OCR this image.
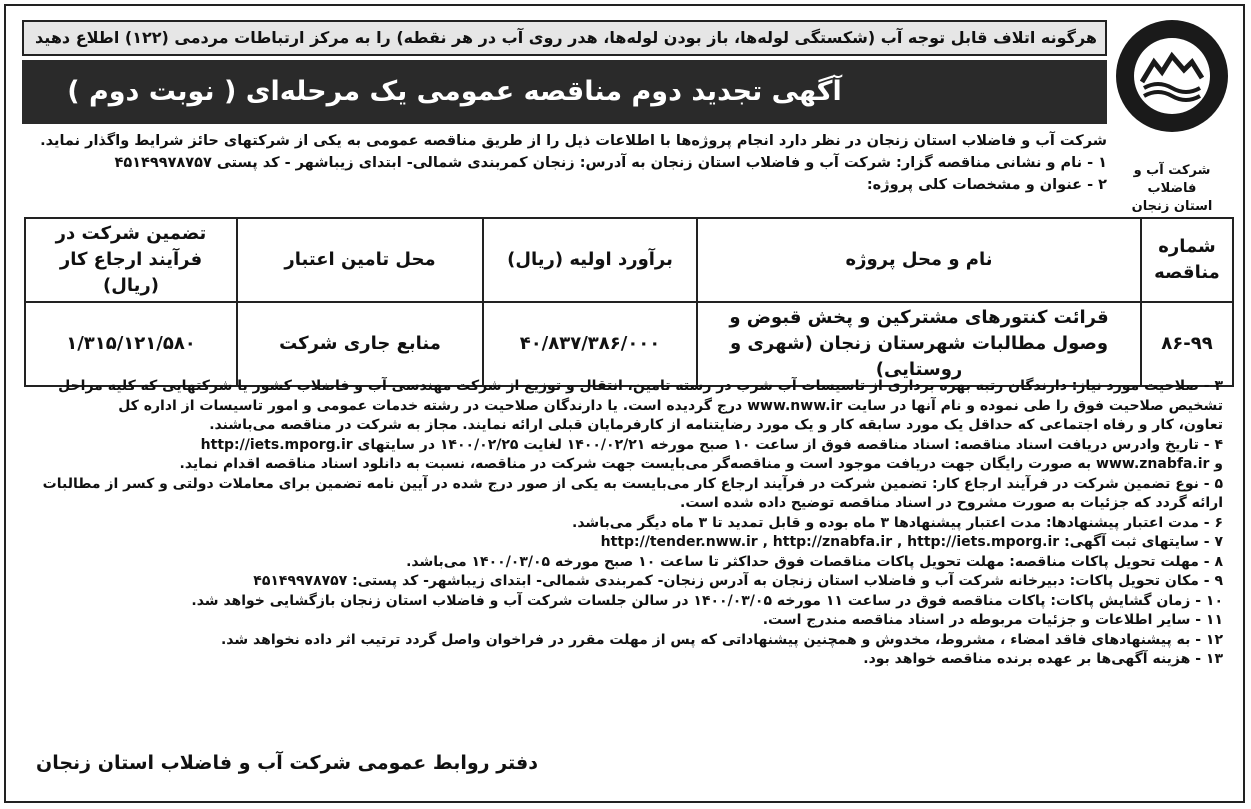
شرکت آب و فاضلاب
استان زنجان
هرگونه اتلاف قابل توجه آب (شکستگی لوله‌ها، باز بودن لوله‌ها، هدر روی آب در هر نقطه) را به مرکز ارتباطات مردمی (۱۲۲) اطلاع دهید
آگهی تجدید دوم مناقصه عمومی یک مرحله‌ای ( نوبت دوم )
شرکت آب و فاضلاب استان زنجان در نظر دارد انجام پروژه‌ها با اطلاعات ذیل را از طریق مناقصه عمومی به یکی از شرکتهای حائز شرایط واگذار نماید.
۱ - نام و نشانی مناقصه گزار: شرکت آب و فاضلاب استان زنجان به آدرس: زنجان کمربندی شمالی- ابتدای زیباشهر - کد پستی ۴۵۱۴۹۹۷۸۷۵۷
۲ - عنوان و مشخصات کلی پروژه:
شماره مناقصه	نام و محل پروژه	برآورد اولیه (ریال)	محل تامین اعتبار	تضمین شرکت در فرآیند ارجاع کار (ریال)
۸۶-۹۹	قرائت کنتورهای مشترکین و پخش قبوض و وصول مطالبات شهرستان زنجان (شهری و روستایی)	۴۰/۸۳۷/۳۸۶/۰۰۰	منابع جاری شرکت	۱/۳۱۵/۱۲۱/۵۸۰
۳ - صلاحیت مورد نیاز: دارندگان رتبه بهره برداری از تاسیسات آب شرب در رسته تامین، انتقال و توزیع از شرکت مهندسی آب و فاضلاب کشور یا شرکتهایی که کلیه مراحل
تشخیص صلاحیت فوق را طی نموده و نام آنها در سایت www.nww.ir درج گردیده است. یا دارندگان صلاحیت در رشته خدمات عمومی و امور تاسیسات از اداره کل
تعاون، کار و رفاه اجتماعی که حداقل یک مورد سابقه کار و یک مورد رضایتنامه از کارفرمایان قبلی ارائه نمایند. مجاز به شرکت در مناقصه می‌باشند.
۴ - تاریخ وادرس دریافت اسناد مناقصه: اسناد مناقصه فوق از ساعت ۱۰ صبح مورخه ۱۴۰۰/۰۲/۲۱ لغایت ۱۴۰۰/۰۲/۲۵ در سایتهای http://iets.mporg.ir
و www.znabfa.ir به صورت رایگان جهت دریافت موجود است و مناقصه‌گر می‌بایست جهت شرکت در مناقصه، نسبت به دانلود اسناد مناقصه اقدام نماید.
۵ - نوع تضمین شرکت در فرآیند ارجاع کار: تضمین شرکت در فرآیند ارجاع کار می‌بایست به یکی از صور درج شده در آیین نامه تضمین برای معاملات دولتی و کسر از مطالبات
ارائه گردد که جزئیات به صورت مشروح در اسناد مناقصه توضیح داده شده است.
۶ - مدت اعتبار پیشنهادها: مدت اعتبار پیشنهادها ۳ ماه بوده و قابل تمدید تا ۳ ماه دیگر می‌باشد.
۷ - سایتهای ثبت آگهی: http://tender.nww.ir , http://znabfa.ir , http://iets.mporg.ir
۸ - مهلت تحویل پاکات مناقصه: مهلت تحویل پاکات مناقصات فوق حداکثر تا ساعت ۱۰ صبح مورخه ۱۴۰۰/۰۳/۰۵ می‌باشد.
۹ - مکان تحویل پاکات: دبیرخانه شرکت آب و فاضلاب استان زنجان به آدرس زنجان- کمربندی شمالی- ابتدای زیباشهر- کد پستی: ۴۵۱۴۹۹۷۸۷۵۷
۱۰ - زمان گشایش پاکات: پاکات مناقصه فوق در ساعت ۱۱ مورخه ۱۴۰۰/۰۳/۰۵ در سالن جلسات شرکت آب و فاضلاب استان زنجان بازگشایی خواهد شد.
۱۱ - سایر اطلاعات و جزئیات مربوطه در اسناد مناقصه مندرج است.
۱۲ - به پیشنهادهای فاقد امضاء ، مشروط، مخدوش و همچنین پیشنهاداتی که پس از مهلت مقرر در فراخوان واصل گردد ترتیب اثر داده نخواهد شد.
۱۳ - هزینه آگهی‌ها بر عهده برنده مناقصه خواهد بود.
دفتر روابط عمومی شرکت آب و فاضلاب استان زنجان
